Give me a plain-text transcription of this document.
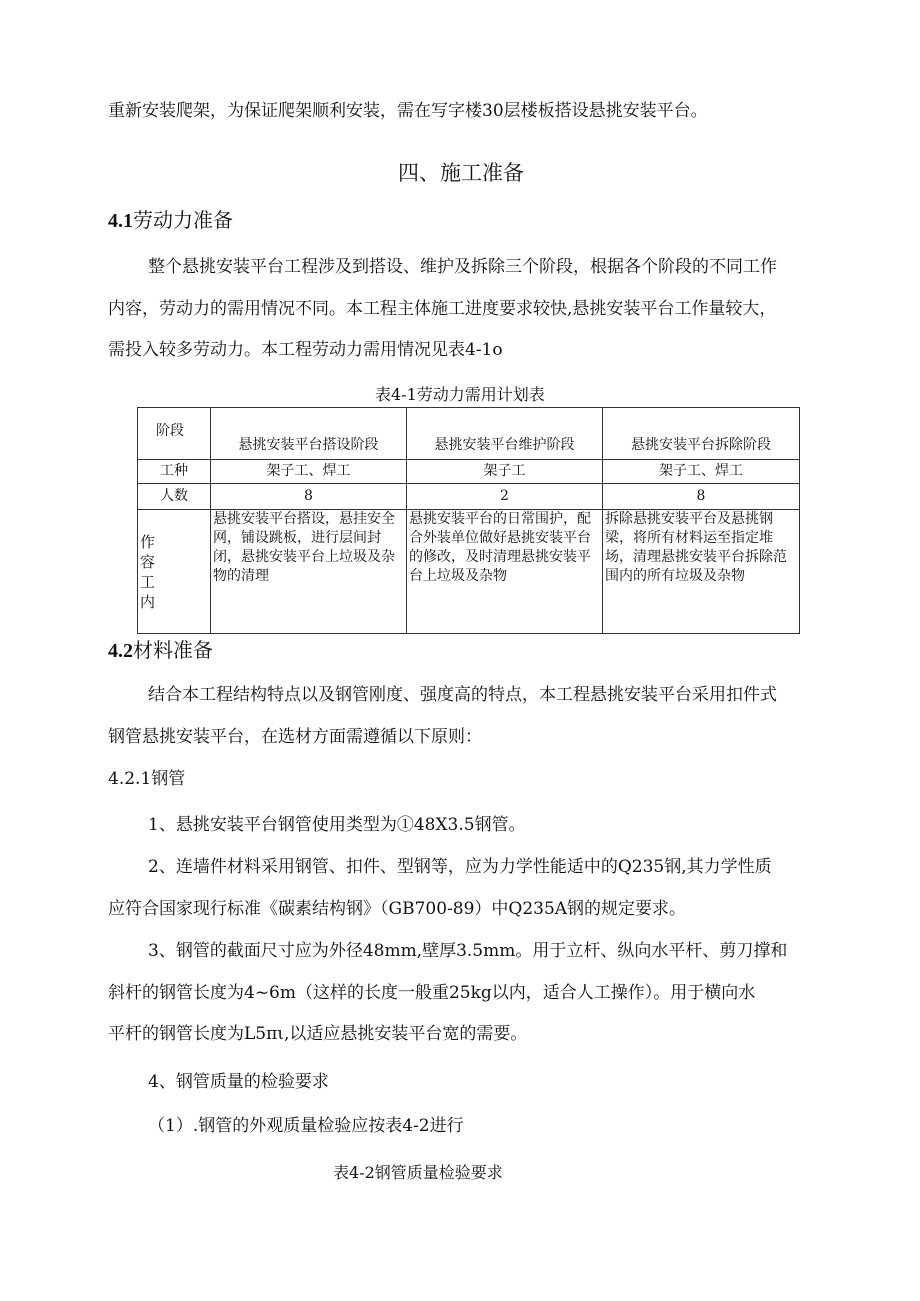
重新安装爬架，为保证爬架顺利安装，需在写字楼30层楼板搭设悬挑安装平台。
四、施工准备
4.1劳动力准备
整个悬挑安装平台工程涉及到搭设、维护及拆除三个阶段，根据各个阶段的不同工作
内容，劳动力的需用情况不同。本工程主体施工进度要求较快,悬挑安装平台工作量较大，
需投入较多劳动力。本工程劳动力需用情况见表4-1o
表4-1劳动力需用计划表
阶段	悬挑安装平台搭设阶段	悬挑安装平台维护阶段	悬挑安装平台拆除阶段
工种	架子工、焊工	架子工	架子工、焊工
人数	8	2	8

作容工内	悬挑安装平台搭设，悬挂安全网，铺设跳板，进行层间封闭，悬挑安装平台上垃圾及杂物的清理	悬挑安装平台的日常围护，配合外装单位做好悬挑安装平台的修改，及时清理悬挑安装平台上垃圾及杂物	拆除悬挑安装平台及悬挑钢梁，将所有材料运至指定堆场，清理悬挑安装平台拆除范围内的所有垃圾及杂物
4.2材料准备
结合本工程结构特点以及钢管刚度、强度高的特点，本工程悬挑安装平台采用扣件式
钢管悬挑安装平台，在选材方面需遵循以下原则：
4.2.1钢管
1、悬挑安装平台钢管使用类型为①48X3.5钢管。
2、连墙件材料采用钢管、扣件、型钢等，应为力学性能适中的Q235钢,其力学性质
应符合国家现行标准《碳素结构钢》（GB700-89）中Q235A钢的规定要求。
3、钢管的截面尺寸应为外径48mm,壁厚3.5mm。用于立杆、纵向水平杆、剪刀撑和
斜杆的钢管长度为4~6m（这样的长度一般重25kg以内，适合人工操作）。用于横向水
平杆的钢管长度为L5πι,以适应悬挑安装平台宽的需要。
4、钢管质量的检验要求
（1）.钢管的外观质量检验应按表4-2进行
表4-2钢管质量检验要求
